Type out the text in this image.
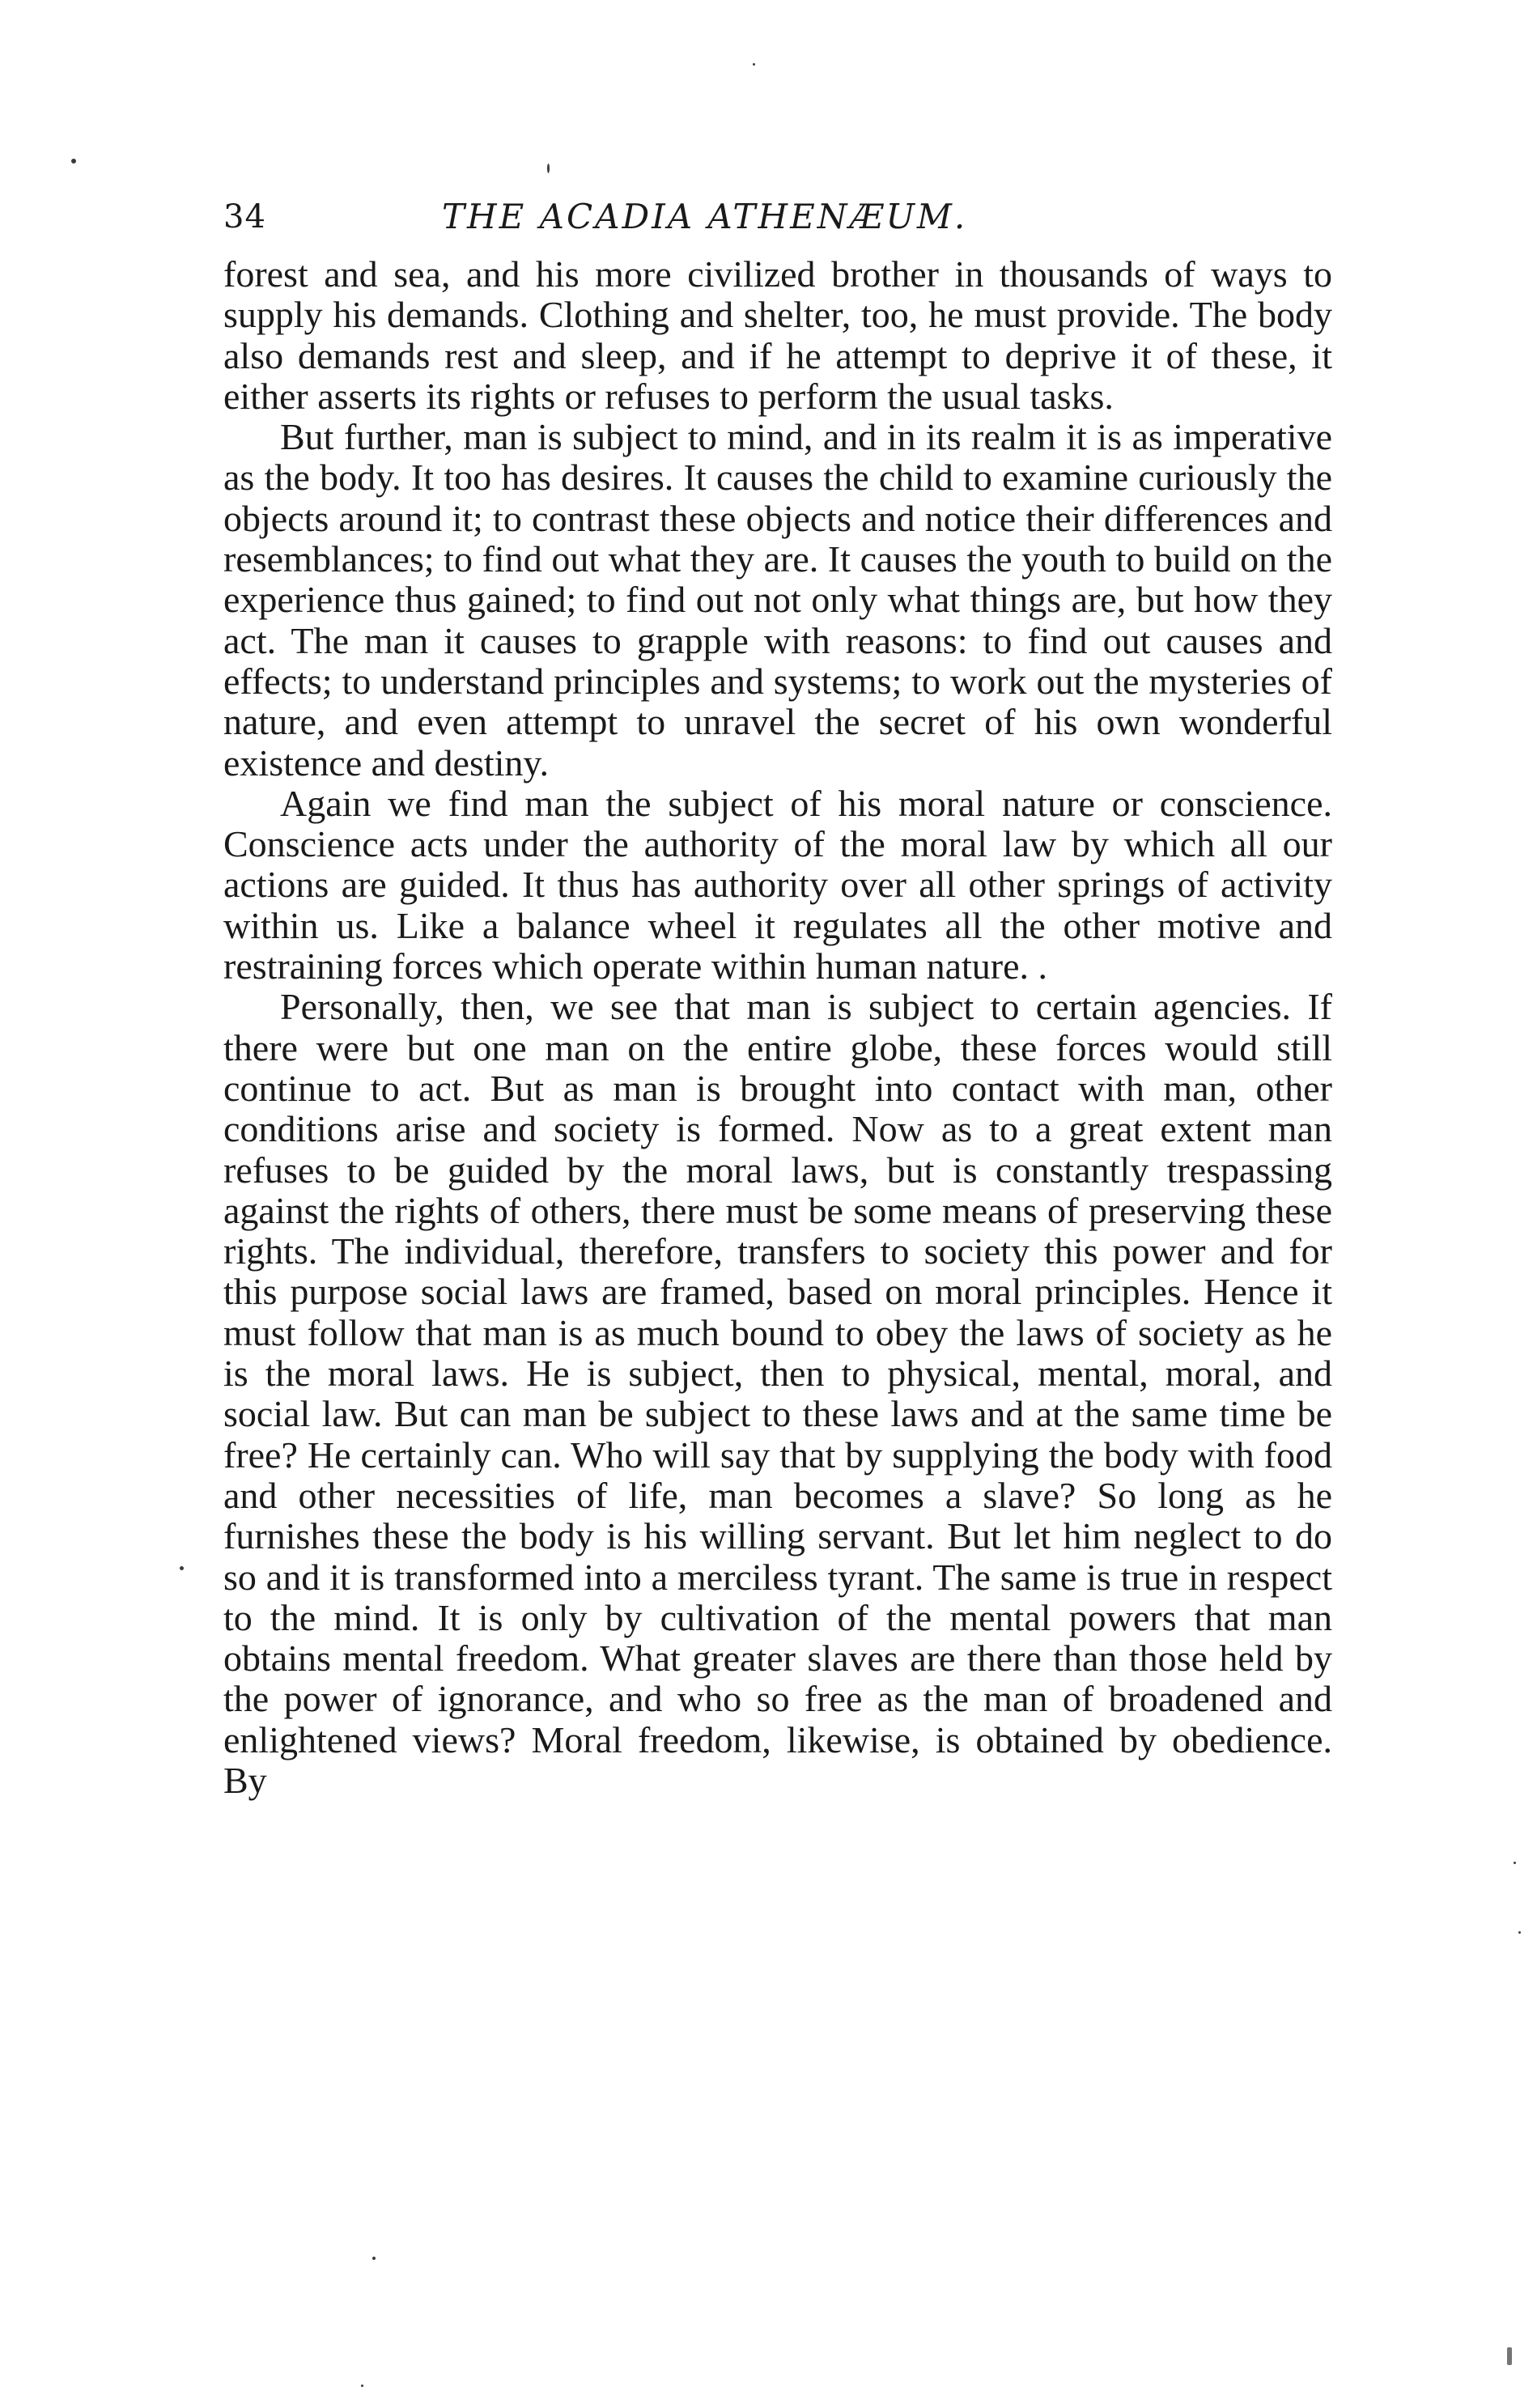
34	THE ACADIA ATHENÆUM.

forest and sea, and his more civilized brother in thousands of ways to supply his demands. Clothing and shelter, too, he must provide. The body also demands rest and sleep, and if he attempt to deprive it of these, it either asserts its rights or refuses to perform the usual tasks.

But further, man is subject to mind, and in its realm it is as imperative as the body. It too has desires. It causes the child to examine curiously the objects around it; to contrast these objects and notice their differences and resemblances; to find out what they are. It causes the youth to build on the experience thus gained; to find out not only what things are, but how they act. The man it causes to grapple with reasons: to find out causes and effects; to understand principles and systems; to work out the mysteries of nature, and even attempt to unravel the secret of his own wonderful existence and destiny.

Again we find man the subject of his moral nature or conscience. Conscience acts under the authority of the moral law by which all our actions are guided. It thus has authority over all other springs of activity within us. Like a balance wheel it regulates all the other motive and restraining forces which operate within human nature. .

Personally, then, we see that man is subject to certain agencies. If there were but one man on the entire globe, these forces would still continue to act. But as man is brought into contact with man, other conditions arise and society is formed. Now as to a great extent man refuses to be guided by the moral laws, but is constantly trespassing against the rights of others, there must be some means of preserving these rights. The individual, therefore, transfers to society this power and for this purpose social laws are framed, based on moral principles. Hence it must follow that man is as much bound to obey the laws of society as he is the moral laws. He is subject, then to physical, mental, moral, and social law. But can man be subject to these laws and at the same time be free? He certainly can. Who will say that by supplying the body with food and other necessities of life, man becomes a slave? So long as he furnishes these the body is his willing servant. But let him neglect to do so and it is transformed into a merciless tyrant. The same is true in respect to the mind. It is only by cultivation of the mental powers that man obtains mental freedom. What greater slaves are there than those held by the power of ignorance, and who so free as the man of broadened and enlightened views? Moral freedom, likewise, is obtained by obedience. By
